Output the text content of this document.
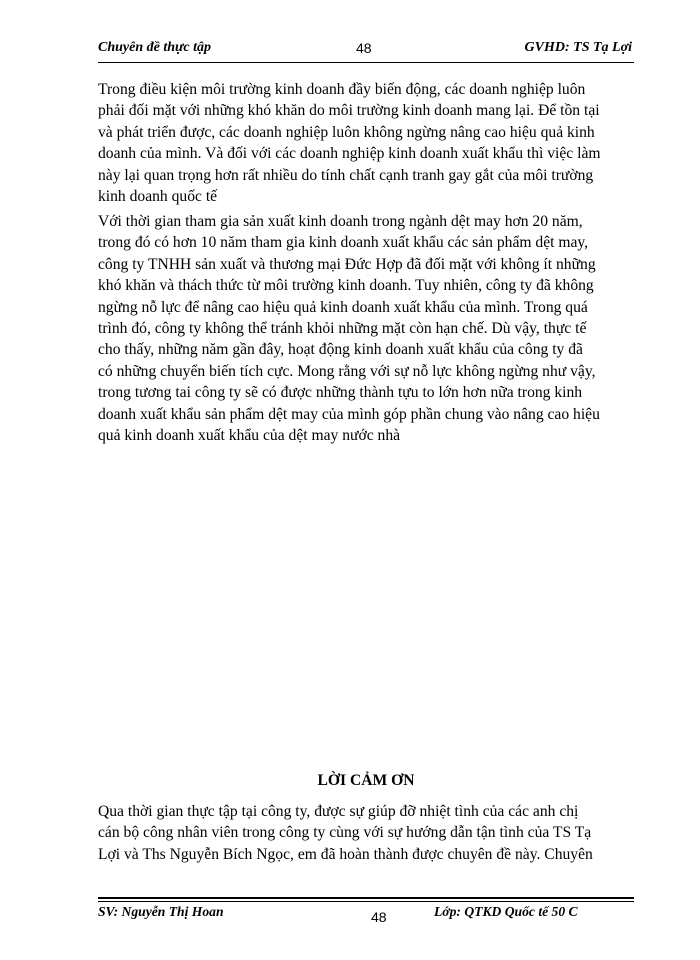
Chuyên đề thực tập	48	GVHD: TS Tạ Lợi

Trong điều kiện môi trường kinh doanh đầy biến động, các doanh nghiệp luôn
phải đối mặt với những khó khăn do môi trường kinh doanh mang lại. Để tồn tại
và phát triển được, các doanh nghiệp luôn không ngừng nâng cao hiệu quả kinh
doanh của mình. Và đối với các doanh nghiệp kinh doanh xuất khẩu thì việc làm
này lại quan trọng hơn rất nhiều do tính chất cạnh tranh gay gắt của môi trường
kinh doanh quốc tế

Với thời gian tham gia sản xuất kinh doanh trong ngành dệt may hơn 20 năm,
trong đó có hơn 10 năm tham gia kinh doanh xuất khẩu các sản phẩm dệt may,
công ty TNHH sản xuất và thương mại Đức Hợp đã đối mặt với không ít những
khó khăn và thách thức từ môi trường kinh doanh. Tuy nhiên, công ty đã không
ngừng nỗ lực để nâng cao hiệu quả kinh doanh xuất khẩu của mình. Trong quá
trình đó, công ty không thể tránh khỏi những mặt còn hạn chế. Dù vậy, thực tế
cho thấy, những năm gần đây, hoạt động kinh doanh xuất khẩu của công ty đã
có những chuyển biến tích cực. Mong rằng với sự nỗ lực không ngừng như vậy,
trong tương tai công ty sẽ có được những thành tựu to lớn hơn nữa trong kinh
doanh xuất khẩu sản phẩm dệt may của mình góp phần chung vào nâng cao hiệu
quả kinh doanh xuất khẩu của dệt may nước nhà

LỜI CẢM ƠN

Qua thời gian thực tập tại công ty, được sự giúp đỡ nhiệt tình của các anh chị
cán bộ công nhân viên trong công ty cùng với sự hướng dẫn tận tình của TS Tạ
Lợi và Ths Nguyễn Bích Ngọc, em đã hoàn thành được chuyên đề này. Chuyên

SV: Nguyễn Thị Hoan	48	Lớp: QTKD Quốc tế 50 C
